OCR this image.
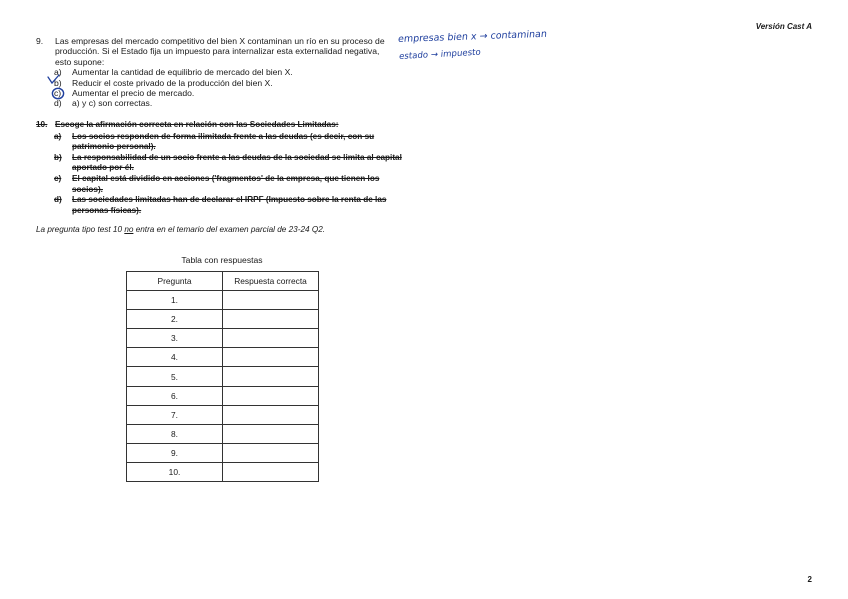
Versión Cast A
9.	Las empresas del mercado competitivo del bien X contaminan un río en su proceso de producción. Si el Estado fija un impuesto para internalizar esta externalidad negativa, esto supone:
a)	Aumentar la cantidad de equilibrio de mercado del bien X.
b)	Reducir el coste privado de la producción del bien X.
c)	Aumentar el precio de mercado.
d)	a) y c) son correctas.
empresas bien x → contaminan
estado → impuesto
10. Escoge la afirmación correcta en relación con las Sociedades Limitadas:
a)	Los socios responden de forma ilimitada frente a las deudas (es decir, con su patrimonio personal).
b)	La responsabilidad de un socio frente a las deudas de la sociedad se limita al capital aportado por él.
c)	El capital está dividido en acciones ('fragmentos' de la empresa, que tienen los socios).
d)	Las sociedades limitadas han de declarar el IRPF (Impuesto sobre la renta de las personas físicas).
La pregunta tipo test 10 no entra en el temario del examen parcial de 23-24 Q2.
Tabla con respuestas
Pregunta	Respuesta correcta
1.	
2.	
3.	
4.	
5.	
6.	
7.	
8.	
9.	
10.	
2
